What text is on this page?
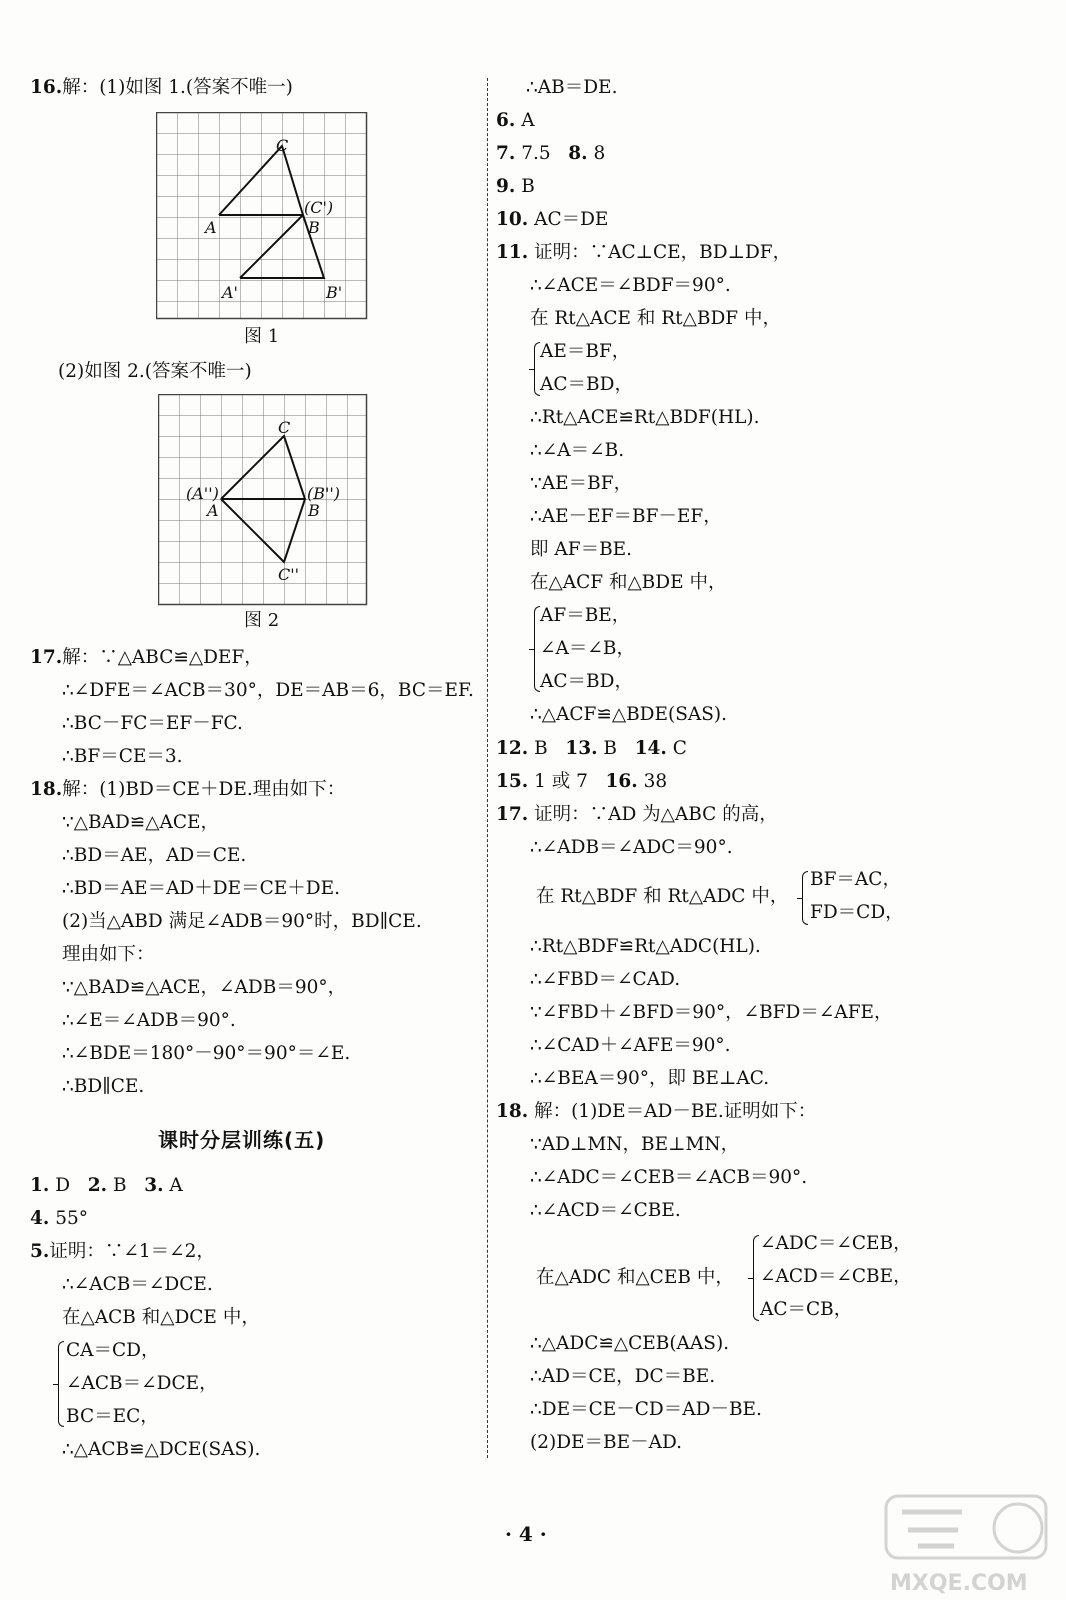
16.解：(1)如图 1.(答案不唯一)
C
(C')
A	B
A'	B'
图 1
(2)如图 2.(答案不唯一)
C
(A'')	(B'')
A	B
C''
图 2
17.解：∵△ABC≌△DEF，
∴∠DFE＝∠ACB＝30°，DE＝AB＝6，BC＝EF.
∴BC－FC＝EF－FC.
∴BF＝CE＝3.
18.解：(1)BD＝CE＋DE.理由如下：
∵△BAD≌△ACE，
∴BD＝AE，AD＝CE.
∴BD＝AE＝AD＋DE＝CE＋DE.
(2)当△ABD 满足∠ADB＝90°时，BD∥CE.
理由如下：
∵△BAD≌△ACE，∠ADB＝90°，
∴∠E＝∠ADB＝90°.
∴∠BDE＝180°－90°＝90°＝∠E.
∴BD∥CE.
课时分层训练(五)
1. D 2. B 3. A
4. 55°
5.证明：∵∠1＝∠2，
∴∠ACB＝∠DCE.
在△ACB 和△DCE 中，
CA＝CD，
∠ACB＝∠DCE，
BC＝EC，
∴△ACB≌△DCE(SAS).
∴AB＝DE.
6. A
7. 7.5 8. 8
9. B
10. AC＝DE
11. 证明：∵AC⊥CE，BD⊥DF，
∴∠ACE＝∠BDF＝90°.
在 Rt△ACE 和 Rt△BDF 中，
AE＝BF，
AC＝BD，
∴Rt△ACE≌Rt△BDF(HL).
∴∠A＝∠B.
∵AE＝BF，
∴AE－EF＝BF－EF，
即 AF＝BE.
在△ACF 和△BDE 中，
AF＝BE，
∠A＝∠B，
AC＝BD，
∴△ACF≌△BDE(SAS).
12. B 13. B 14. C
15. 1 或 7 16. 38
17. 证明：∵AD 为△ABC 的高，
∴∠ADB＝∠ADC＝90°.
在 Rt△BDF 和 Rt△ADC 中，
BF＝AC，
FD＝CD，
∴Rt△BDF≌Rt△ADC(HL).
∴∠FBD＝∠CAD.
∵∠FBD＋∠BFD＝90°，∠BFD＝∠AFE，
∴∠CAD＋∠AFE＝90°.
∴∠BEA＝90°，即 BE⊥AC.
18. 解：(1)DE＝AD－BE.证明如下：
∵AD⊥MN，BE⊥MN，
∴∠ADC＝∠CEB＝∠ACB＝90°.
∴∠ACD＝∠CBE.
在△ADC 和△CEB 中，
∠ADC＝∠CEB，
∠ACD＝∠CBE，
AC＝CB，
∴△ADC≌△CEB(AAS).
∴AD＝CE，DC＝BE.
∴DE＝CE－CD＝AD－BE.
(2)DE＝BE－AD.
· 4 ·
MXQE.COM
